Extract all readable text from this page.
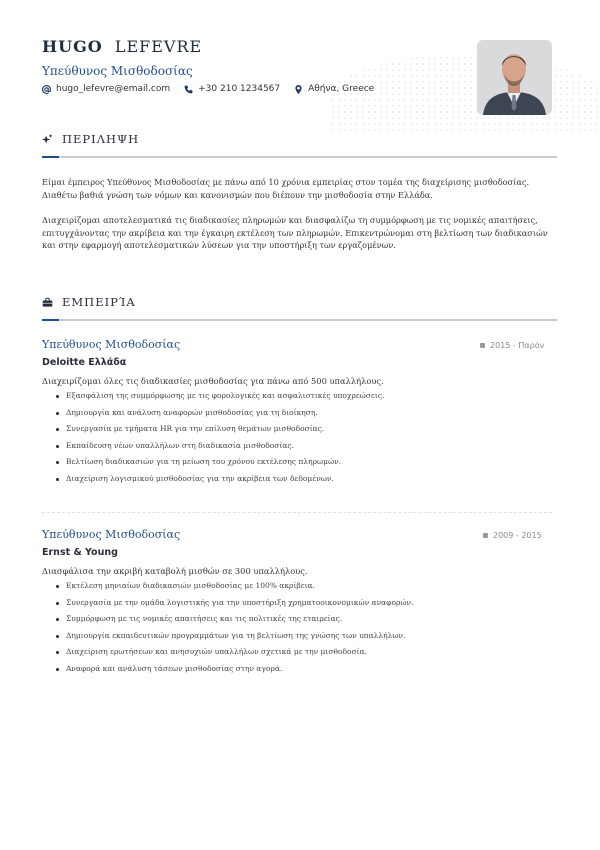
HUGO LEFEVRE
Υπεύθυνος Μισθοδοσίας
hugo_lefevre@email.com	+30 210 1234567	Αθήνα, Greece
ΠΕΡΙΛΗΨΗ

Είμαι έμπειρος Υπεύθυνος Μισθοδοσίας με πάνω από 10 χρόνια εμπειρίας στον τομέα της διαχείρισης μισθοδοσίας. Διαθέτω βαθιά γνώση των νόμων και κανονισμών που διέπουν την μισθοδοσία στην Ελλάδα.

Διαχειρίζομαι αποτελεσματικά τις διαδικασίες πληρωμών και διασφαλίζω τη συμμόρφωση με τις νομικές απαιτήσεις, επιτυγχάνοντας την ακρίβεια και την έγκαιρη εκτέλεση των πληρωμών. Επικεντρώνομαι στη βελτίωση των διαδικασιών και στην εφαρμογή αποτελεσματικών λύσεων για την υποστήριξη των εργαζομένων.

ΕΜΠΕΙΡΊΑ
Υπεύθυνος Μισθοδοσίας	2015 - Παρόν
Deloitte Ελλάδα
Διαχειρίζομαι όλες τις διαδικασίες μισθοδοσίας για πάνω από 500 υπαλλήλους.
Εξασφάλιση της συμμόρφωσης με τις φορολογικές και ασφαλιστικές υποχρεώσεις.
Δημιουργία και ανάλυση αναφορών μισθοδοσίας για τη διοίκηση.
Συνεργασία με τμήματα HR για την επίλυση θεμάτων μισθοδοσίας.
Εκπαίδευση νέων υπαλλήλων στη διαδικασία μισθοδοσίας.
Βελτίωση διαδικασιών για τη μείωση του χρόνου εκτέλεσης πληρωμών.
Διαχείριση λογισμικού μισθοδοσίας για την ακρίβεια των δεδομένων.
Υπεύθυνος Μισθοδοσίας	2009 - 2015
Ernst & Young
Διασφάλισα την ακριβή καταβολή μισθών σε 300 υπαλλήλους.
Εκτέλεση μηνιαίων διαδικασιών μισθοδοσίας με 100% ακρίβεια.
Συνεργασία με την ομάδα λογιστικής για την υποστήριξη χρηματοοικονομικών αναφορών.
Συμμόρφωση με τις νομικές απαιτήσεις και τις πολιτικές της εταιρείας.
Δημιουργία εκπαιδευτικών προγραμμάτων για τη βελτίωση της γνώσης των υπαλλήλων.
Διαχείριση ερωτήσεων και ανησυχιών υπαλλήλων σχετικά με την μισθοδοσία.
Αναφορά και ανάλυση τάσεων μισθοδοσίας στην αγορά.
